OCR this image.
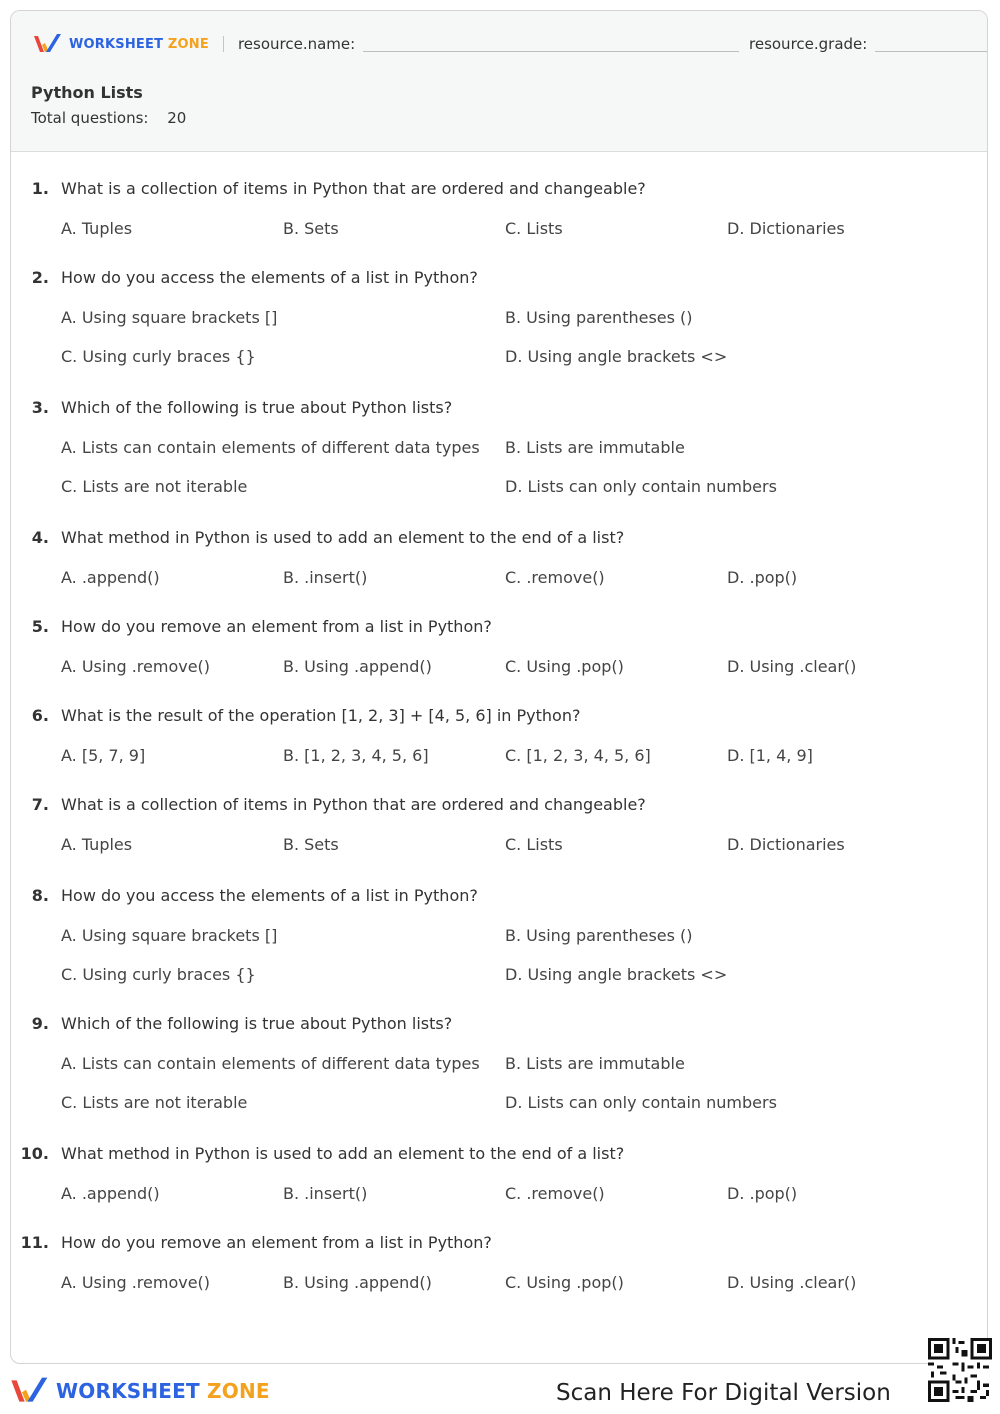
WORKSHEET ZONE resource.name:	resource.grade:
Python Lists
Total questions: 20
1. What is a collection of items in Python that are ordered and changeable?
A. Tuples	B. Sets	C. Lists	D. Dictionaries
2. How do you access the elements of a list in Python?
A. Using square brackets []	B. Using parentheses ()
C. Using curly braces {}	D. Using angle brackets <>
3. Which of the following is true about Python lists?
A. Lists can contain elements of different data types B. Lists are immutable
C. Lists are not iterable	D. Lists can only contain numbers
4. What method in Python is used to add an element to the end of a list?
A. .append()	B. .insert()	C. .remove()	D. .pop()
5. How do you remove an element from a list in Python?
A. Using .remove()	B. Using .append()	C. Using .pop()	D. Using .clear()
6. What is the result of the operation [1, 2, 3] + [4, 5, 6] in Python?
A. [5, 7, 9]	B. [1, 2, 3, 4, 5, 6]	C. [1, 2, 3, 4, 5, 6]	D. [1, 4, 9]
7. What is a collection of items in Python that are ordered and changeable?
A. Tuples	B. Sets	C. Lists	D. Dictionaries
8. How do you access the elements of a list in Python?
A. Using square brackets []	B. Using parentheses ()
C. Using curly braces {}	D. Using angle brackets <>
9. Which of the following is true about Python lists?
A. Lists can contain elements of different data types B. Lists are immutable
C. Lists are not iterable	D. Lists can only contain numbers
10. What method in Python is used to add an element to the end of a list?
A. .append()	B. .insert()	C. .remove()	D. .pop()
11. How do you remove an element from a list in Python?
A. Using .remove()	B. Using .append()	C. Using .pop()	D. Using .clear()
WORKSHEET ZONE	Scan Here For Digital Version
